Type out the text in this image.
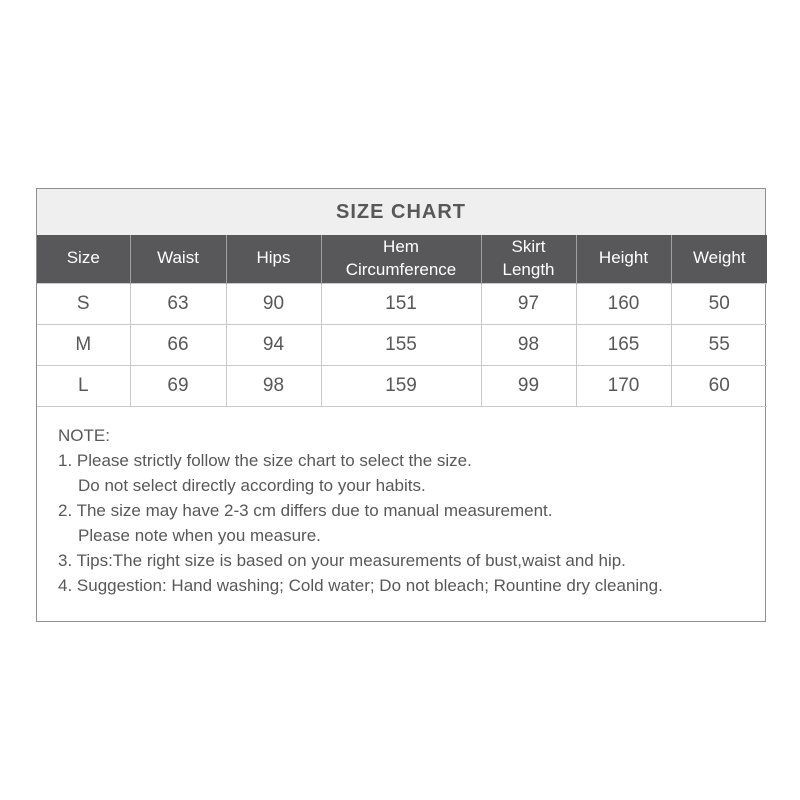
SIZE CHART
Size	Waist	Hips	Hem Circumference	Skirt Length	Height	Weight
S	63	90	151	97	160	50
M	66	94	155	98	165	55
L	69	98	159	99	170	60
NOTE:
1. Please strictly follow the size chart to select the size.
Do not select directly according to your habits.
2. The size may have 2-3 cm differs due to manual measurement.
Please note when you measure.
3. Tips:The right size is based on your measurements of bust,waist and hip.
4. Suggestion: Hand washing; Cold water; Do not bleach; Rountine dry cleaning.
